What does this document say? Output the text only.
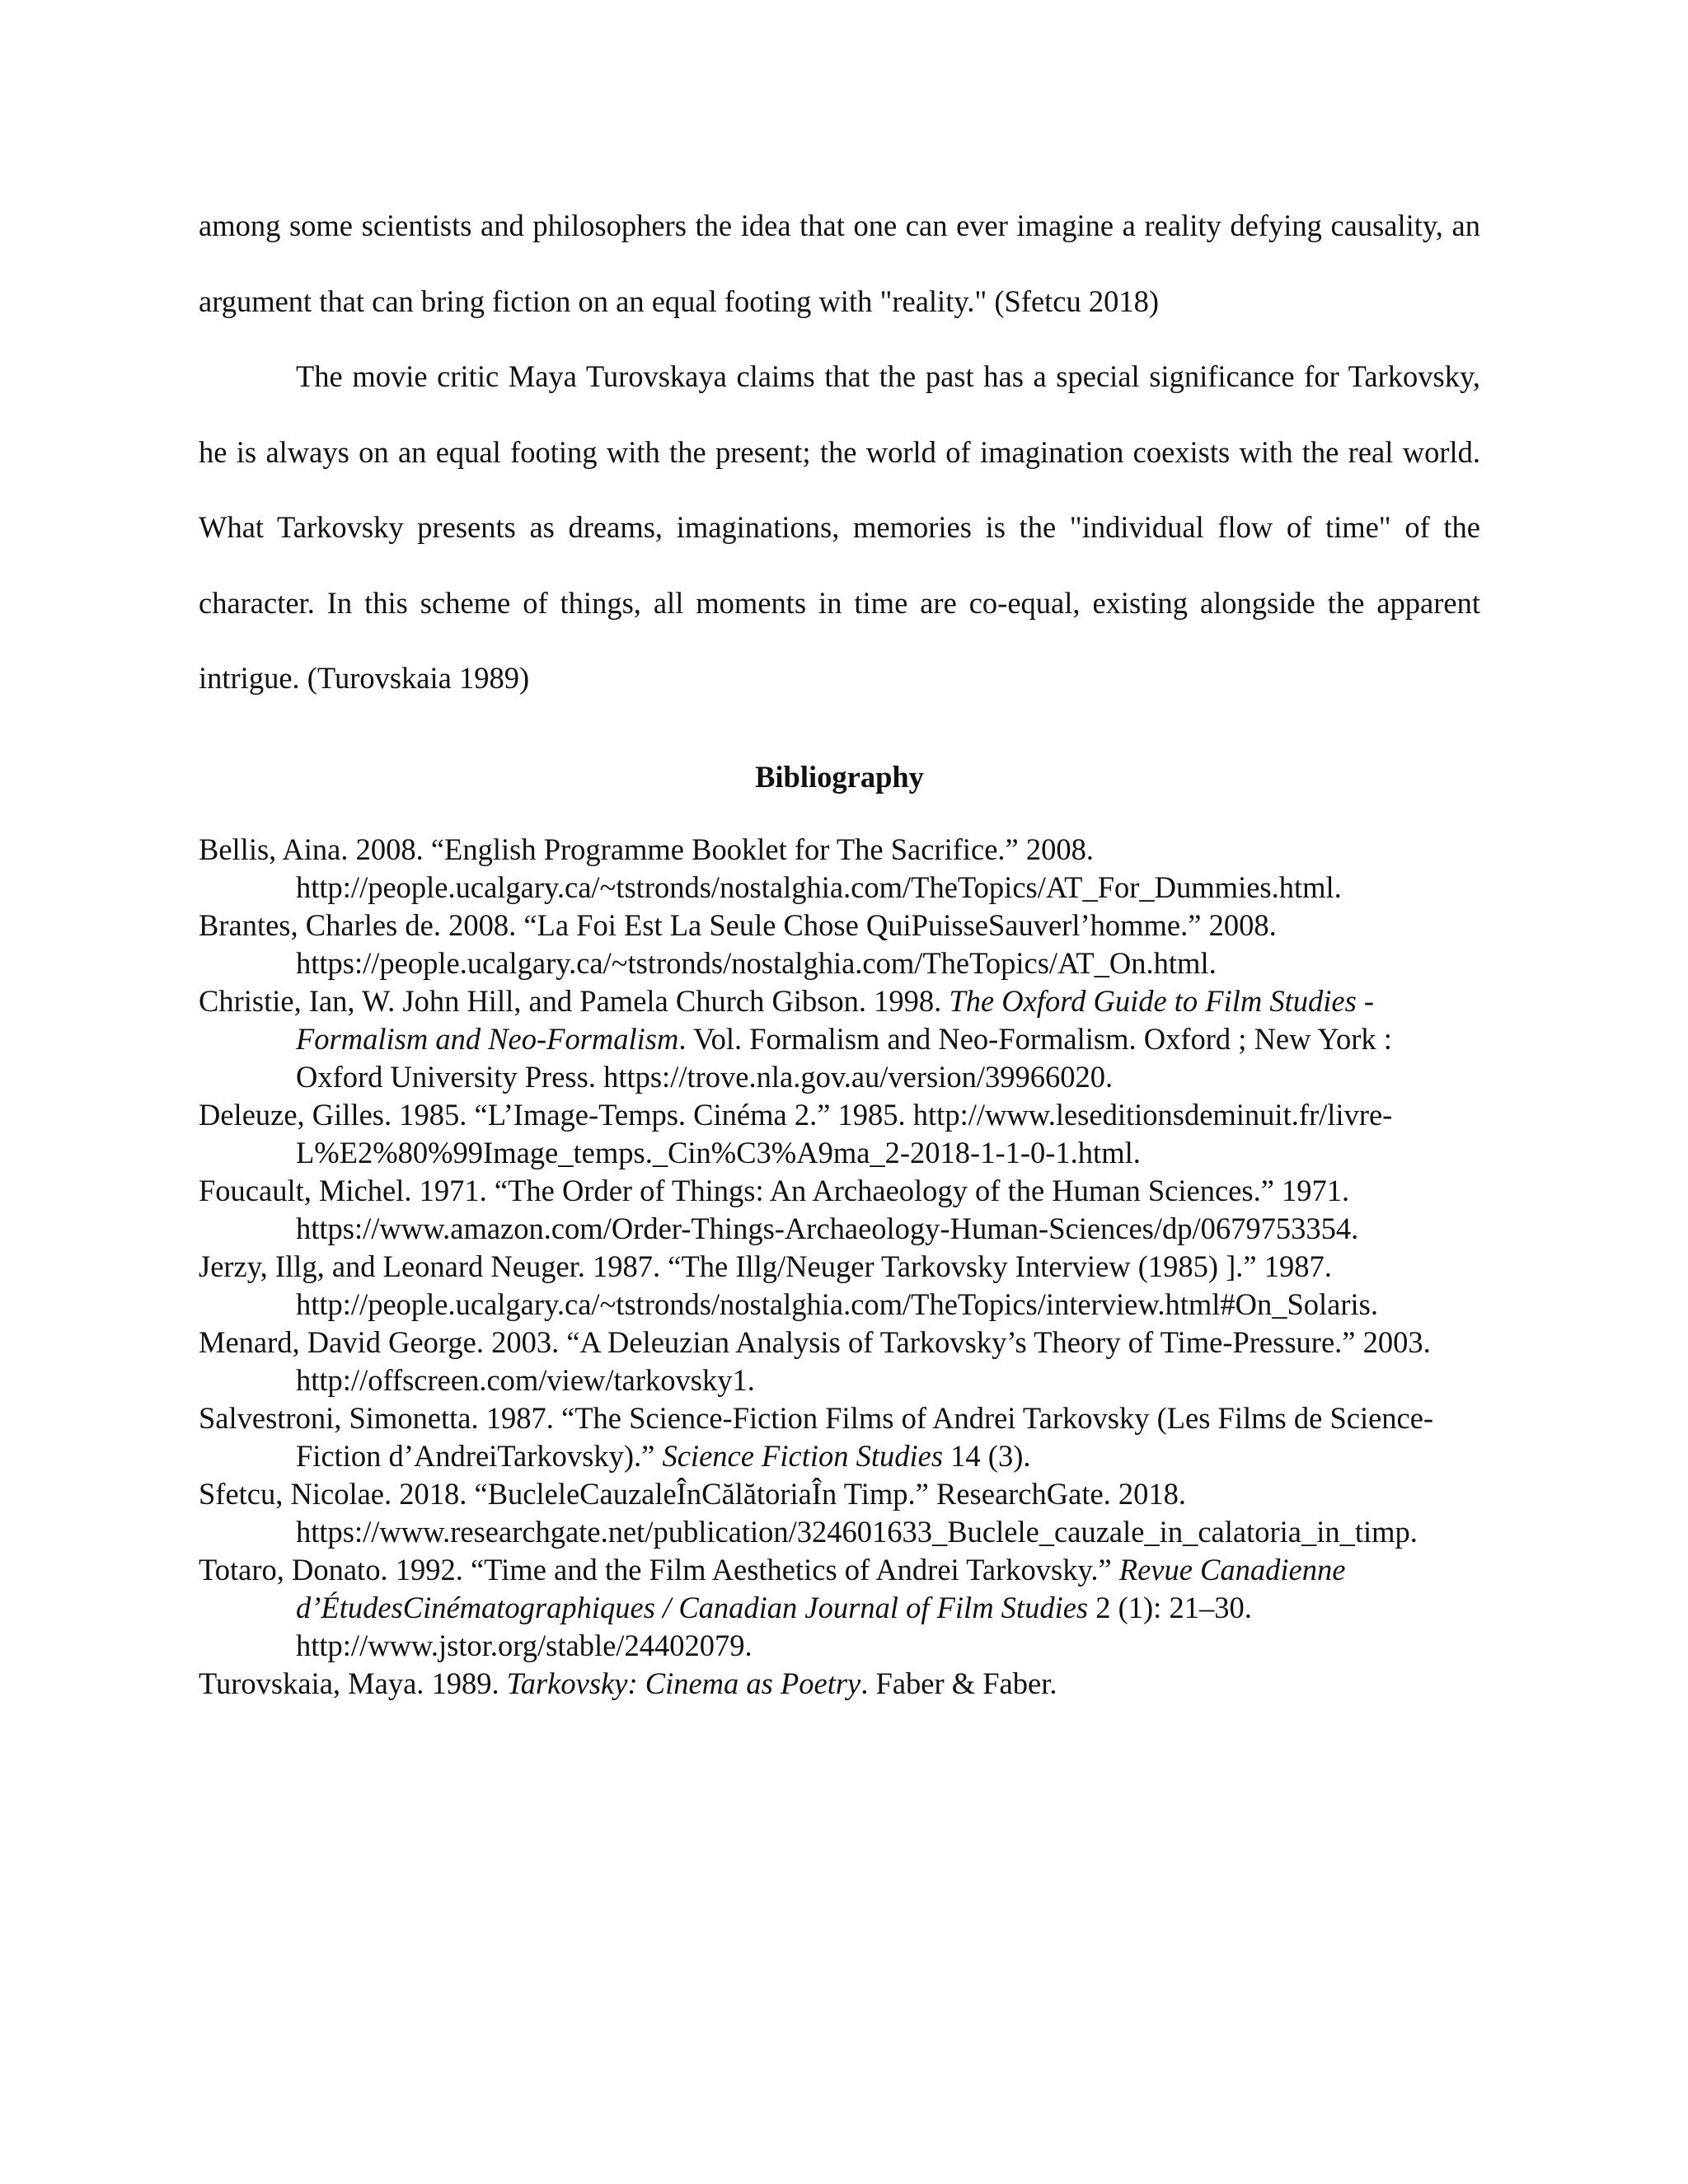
among some scientists and philosophers the idea that one can ever imagine a reality defying causality, an argument that can bring fiction on an equal footing with "reality." (Sfetcu 2018)

The movie critic Maya Turovskaya claims that the past has a special significance for Tarkovsky, he is always on an equal footing with the present; the world of imagination coexists with the real world. What Tarkovsky presents as dreams, imaginations, memories is the "individual flow of time" of the character. In this scheme of things, all moments in time are co-equal, existing alongside the apparent intrigue. (Turovskaia 1989)

Bibliography
Bellis, Aina. 2008. “English Programme Booklet for The Sacrifice.” 2008. http://people.ucalgary.ca/~tstronds/nostalghia.com/TheTopics/AT_For_Dummies.html.
Brantes, Charles de. 2008. “La Foi Est La Seule Chose QuiPuisseSauverl’homme.” 2008. https://people.ucalgary.ca/~tstronds/nostalghia.com/TheTopics/AT_On.html.
Christie, Ian, W. John Hill, and Pamela Church Gibson. 1998. The Oxford Guide to Film Studies - Formalism and Neo-Formalism. Vol. Formalism and Neo-Formalism. Oxford ; New York : Oxford University Press. https://trove.nla.gov.au/version/39966020.
Deleuze, Gilles. 1985. “L’Image-Temps. Cinéma 2.” 1985. http://www.leseditionsdeminuit.fr/livre-L%E2%80%99Image_temps._Cin%C3%A9ma_2-2018-1-1-0-1.html.
Foucault, Michel. 1971. “The Order of Things: An Archaeology of the Human Sciences.” 1971. https://www.amazon.com/Order-Things-Archaeology-Human-Sciences/dp/0679753354.
Jerzy, Illg, and Leonard Neuger. 1987. “The Illg/Neuger Tarkovsky Interview (1985) ].” 1987. http://people.ucalgary.ca/~tstronds/nostalghia.com/TheTopics/interview.html#On_Solaris.
Menard, David George. 2003. “A Deleuzian Analysis of Tarkovsky’s Theory of Time-Pressure.” 2003. http://offscreen.com/view/tarkovsky1.
Salvestroni, Simonetta. 1987. “The Science-Fiction Films of Andrei Tarkovsky (Les Films de Science-Fiction d’AndreiTarkovsky).” Science Fiction Studies 14 (3).
Sfetcu, Nicolae. 2018. “BucleleCauzaleÎnCălătoriaÎn Timp.” ResearchGate. 2018. https://www.researchgate.net/publication/324601633_Buclele_cauzale_in_calatoria_in_timp.
Totaro, Donato. 1992. “Time and the Film Aesthetics of Andrei Tarkovsky.” Revue Canadienne d’ÉtudesCinématographiques / Canadian Journal of Film Studies 2 (1): 21–30. http://www.jstor.org/stable/24402079.
Turovskaia, Maya. 1989. Tarkovsky: Cinema as Poetry. Faber & Faber.
